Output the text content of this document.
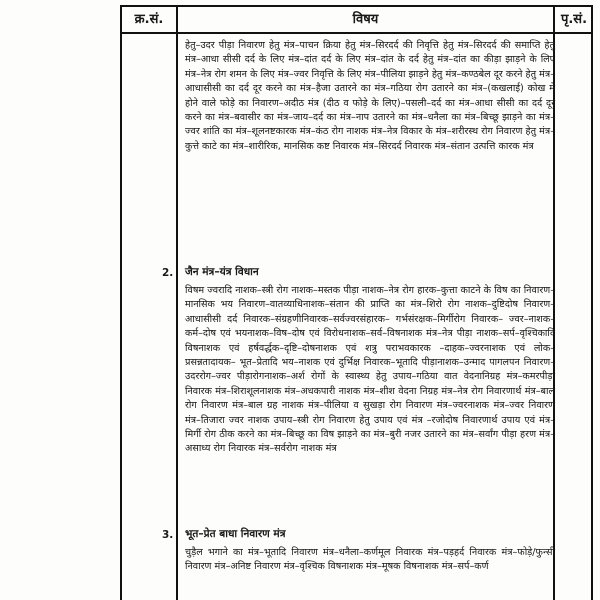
क्र.सं.	विषय	पृ.सं.
हेतु–उदर पीड़ा निवारण हेतु मंत्र–पाचन क्रिया हेतु मंत्र–सिरदर्द की निवृत्ति हेतु मंत्र–सिरदर्द की समाप्ति हेतु मंत्र–आधा सीसी दर्द के लिए मंत्र–दांत दर्द के लिए मंत्र–दांत के दर्द हेतु मंत्र–दांत का कीड़ा झाड़ने के लिए मंत्र–नेत्र रोग शमन के लिए मंत्र–ज्वर निवृत्ति के लिए मंत्र–पीलिया झाड़ने हेतु मंत्र–कण्ठबेल दूर करने हेतु मंत्र–आधासीसी का दर्द दूर करने का मंत्र–हैजा उतारने का मंत्र–गठिया रोग उतारने का मंत्र–(कखलाई) कोख में होने वाले फोड़े का निवारण–अदीठ मंत्र (दीठ व फोड़े के लिए)–पसली–दर्द का मंत्र–आधा सीसी का दर्द दूर करने का मंत्र–बवासीर का मंत्र–जाय–दर्द का मंत्र–नाप उतारने का मंत्र–धनैला का मंत्र–बिच्छू झाड़ने का मंत्र–ज्वर शांति का मंत्र–शूलनष्टकारक मंत्र–कंठ रोग नाशक मंत्र–नेत्र विकार के मंत्र–शरीरस्थ रोग निवारण हेतु मंत्र–कुत्ते काटे का मंत्र–शारीरिक, मानसिक कष्ट निवारक मंत्र–सिरदर्द निवारक मंत्र–संतान उत्पत्ति कारक मंत्र
2. जैन मंत्र–यंत्र विधान
विषम ज्वरादि नाशक–स्त्री रोग नाशक–मस्तक पीड़ा नाशक–नेत्र रोग हारक–कुत्ता काटने के विष का निवारण–मानसिक भय निवारण–वातव्याधिनाशक–संतान की प्राप्ति का मंत्र–शिरो रोग नाशक–दुष्टिदोष निवारण–आधासीसी दर्द निवारक–संग्रहणीनिवारक–सर्वज्वरसंहारक– गर्भसंरक्षक–मिर्गीरोग निवारक– ज्वर–नाशक–कर्म–दोष एवं भयनाशक–विष–दोष एवं विरोधनाशक–सर्व–विषनाशक मंत्र–नेत्र पीड़ा नाशक–सर्प–वृश्चिकादि विषनाशक एवं हर्षवर्द्धक–दृष्टि–दोषनाशक एवं शत्रु पराभवकारक –दाहक–ज्वरनाशक एवं लोक–प्रसन्नतादायक– भूत–प्रेतादि भय–नाशक एवं दुर्भिक्ष निवारक–भूतादि पीड़ानाशक–उन्माद पागलपन निवारण–उदररोग–ज्वर पीड़ारोगनाशक–अर्श रोगों के स्वास्थ्य हेतु उपाय–गठिया वात वेदनानिग्रह मंत्र–कमरपीड़ा निवारक मंत्र–शिराशूलनाशक मंत्र–अधकपारी नाशक मंत्र–शीश वेदना निग्रह मंत्र–नेत्र रोग निवारणार्थ मंत्र–बाल रोग निवारण मंत्र–बाल ग्रह नाशक मंत्र–पीलिया व सुखड़ा रोग निवारण मंत्र–ज्वरनाशक मंत्र–ज्वर निवारण मंत्र–तिजारा ज्वर नाशक उपाय–स्त्री रोग निवारण हेतु उपाय एवं मंत्र –रजोदोष निवारणार्थ उपाय एवं मंत्र–मिर्गी रोग ठीक करने का मंत्र–बिच्छू का विष झाड़ने का मंत्र–बुरी नजर उतारने का मंत्र–सर्वांग पीड़ा हरण मंत्र–असाध्य रोग निवारक मंत्र–सर्वरोग नाशक मंत्र
3. भूत–प्रेत बाधा निवारण मंत्र
चुड़ैल भगाने का मंत्र–भूतादि निवारण मंत्र–धनैला–कर्णमूल निवारक मंत्र–पड़हर्द निवारक मंत्र–फोड़े/फुन्सी निवारण मंत्र–अनिष्ट निवारण मंत्र–वृश्चिक विषनाशक मंत्र–मूषक विषनाशक मंत्र–सर्प–कर्ण
